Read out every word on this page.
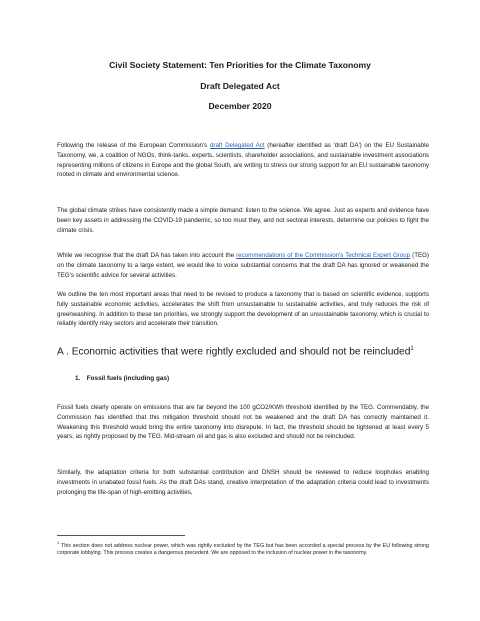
Civil Society Statement: Ten Priorities for the Climate Taxonomy
Draft Delegated Act
December 2020
Following the release of the European Commission's draft Delegated Act (hereafter identified as 'draft DA') on the EU Sustainable Taxonomy, we, a coalition of NGOs, think-tanks, experts, scientists, shareholder associations, and sustainable investment associations representing millions of citizens in Europe and the global South, are writing to stress our strong support for an EU sustainable taxonomy rooted in climate and environmental science.
The global climate strikes have consistently made a simple demand: listen to the science. We agree. Just as experts and evidence have been key assets in addressing the COVID-19 pandemic, so too must they, and not sectoral interests, determine our policies to fight the climate crisis.
While we recognise that the draft DA has taken into account the recommendations of the Commission's Technical Expert Group (TEG) on the climate taxonomy to a large extent, we would like to voice substantial concerns that the draft DA has ignored or weakened the TEG's scientific advice for several activities.
We outline the ten most important areas that need to be revised to produce a taxonomy that is based on scientific evidence, supports fully sustainable economic activities, accelerates the shift from unsustainable to sustainable activities, and truly reduces the risk of greenwashing. In addition to these ten priorities, we strongly support the development of an unsustainable taxonomy, which is crucial to reliably identify risky sectors and accelerate their transition.
A . Economic activities that were rightly excluded and should not be reincluded$^1$
1. Fossil fuels (including gas)
Fossil fuels clearly operate on emissions that are far beyond the 100 gCO2/KWh threshold identified by the TEG. Commendably, the Commission has identified that this mitigation threshold should not be weakened and the draft DA has correctly maintained it. Weakening this threshold would bring the entire taxonomy into disrepute. In fact, the threshold should be tightened at least every 5 years, as rightly proposed by the TEG. Mid-stream oil and gas is also excluded and should not be reincluded.
Similarly, the adaptation criteria for both substantial contribution and DNSH should be reviewed to reduce loopholes enabling investments in unabated fossil fuels. As the draft DAs stand, creative interpretation of the adaptation criteria could lead to investments prolonging the life-span of high-emitting activities,
$^1$ This section does not address nuclear power, which was rightly excluded by the TEG but has been accorded a special process by the EU following strong corporate lobbying. This process creates a dangerous precedent. We are opposed to the inclusion of nuclear power in the taxonomy.
